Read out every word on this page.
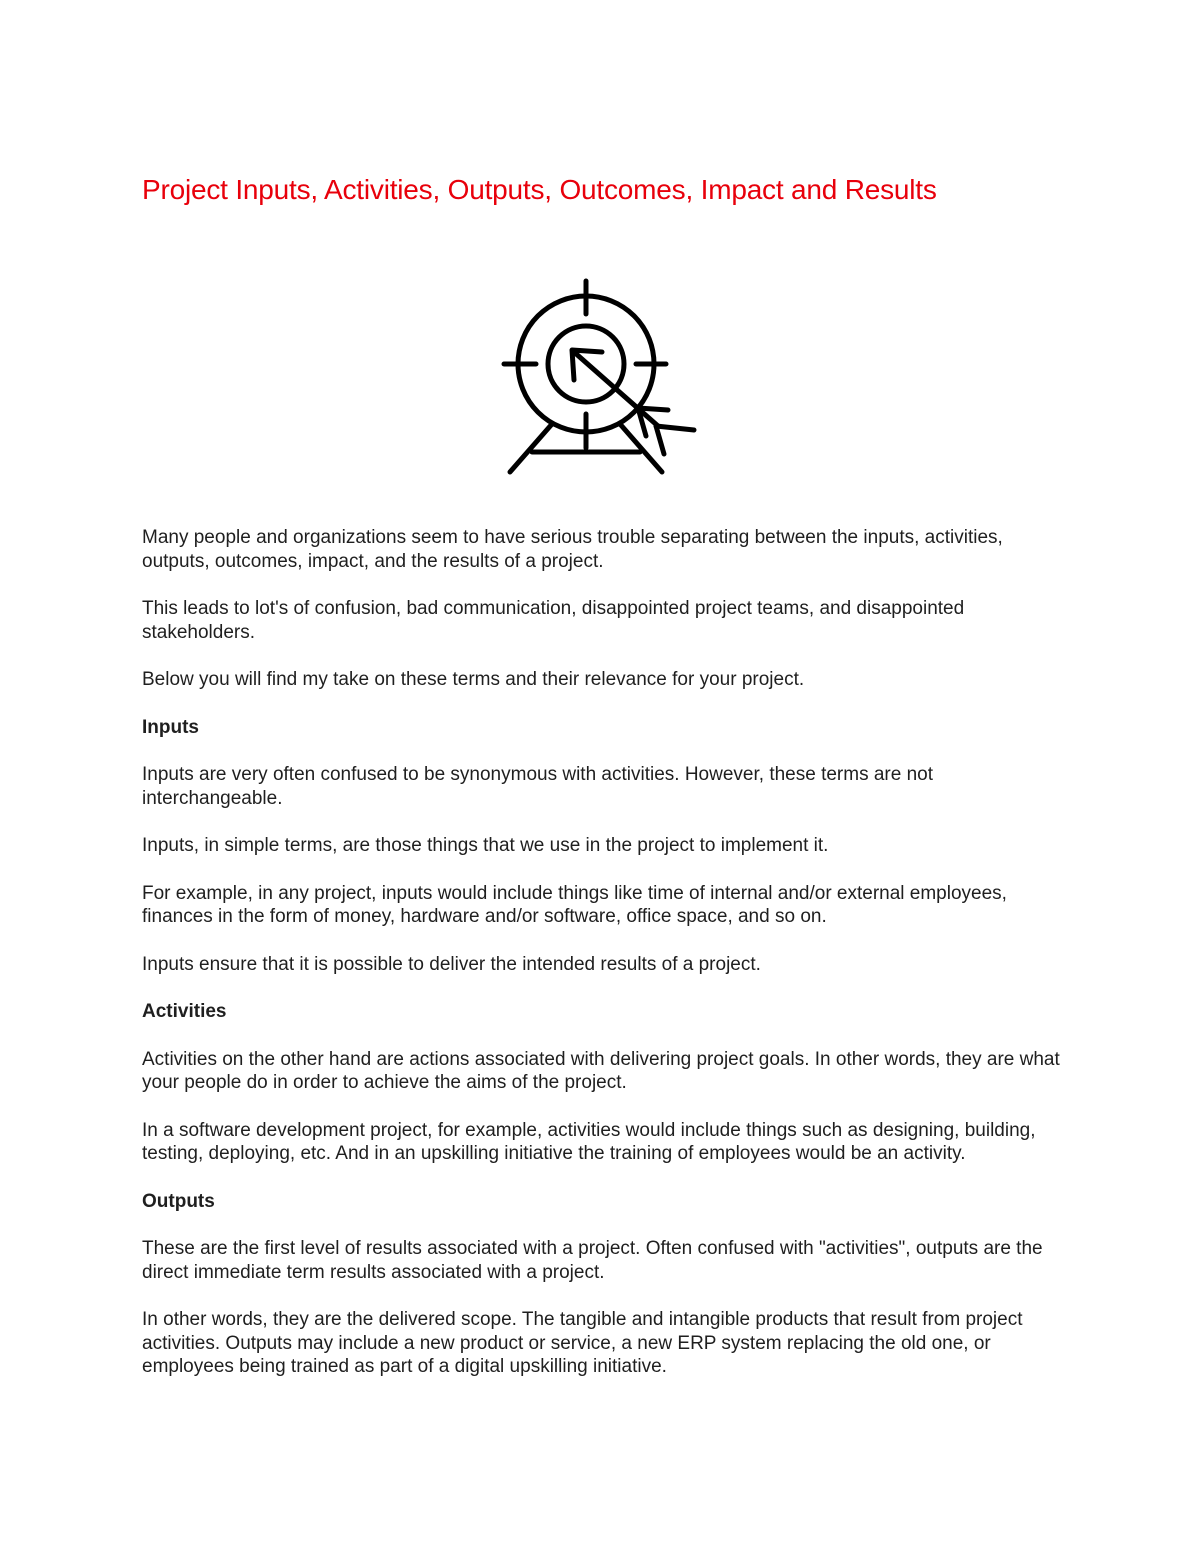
Project Inputs, Activities, Outputs, Outcomes, Impact and Results

Many people and organizations seem to have serious trouble separating between the inputs, activities, outputs, outcomes, impact, and the results of a project.

This leads to lot's of confusion, bad communication, disappointed project teams, and disappointed stakeholders.

Below you will find my take on these terms and their relevance for your project.

Inputs

Inputs are very often confused to be synonymous with activities. However, these terms are not interchangeable.

Inputs, in simple terms, are those things that we use in the project to implement it.

For example, in any project, inputs would include things like time of internal and/or external employees, finances in the form of money, hardware and/or software, office space, and so on.

Inputs ensure that it is possible to deliver the intended results of a project.

Activities

Activities on the other hand are actions associated with delivering project goals. In other words, they are what your people do in order to achieve the aims of the project.

In a software development project, for example, activities would include things such as designing, building, testing, deploying, etc. And in an upskilling initiative the training of employees would be an activity.

Outputs

These are the first level of results associated with a project. Often confused with "activities", outputs are the direct immediate term results associated with a project.

In other words, they are the delivered scope. The tangible and intangible products that result from project activities. Outputs may include a new product or service, a new ERP system replacing the old one, or employees being trained as part of a digital upskilling initiative.
